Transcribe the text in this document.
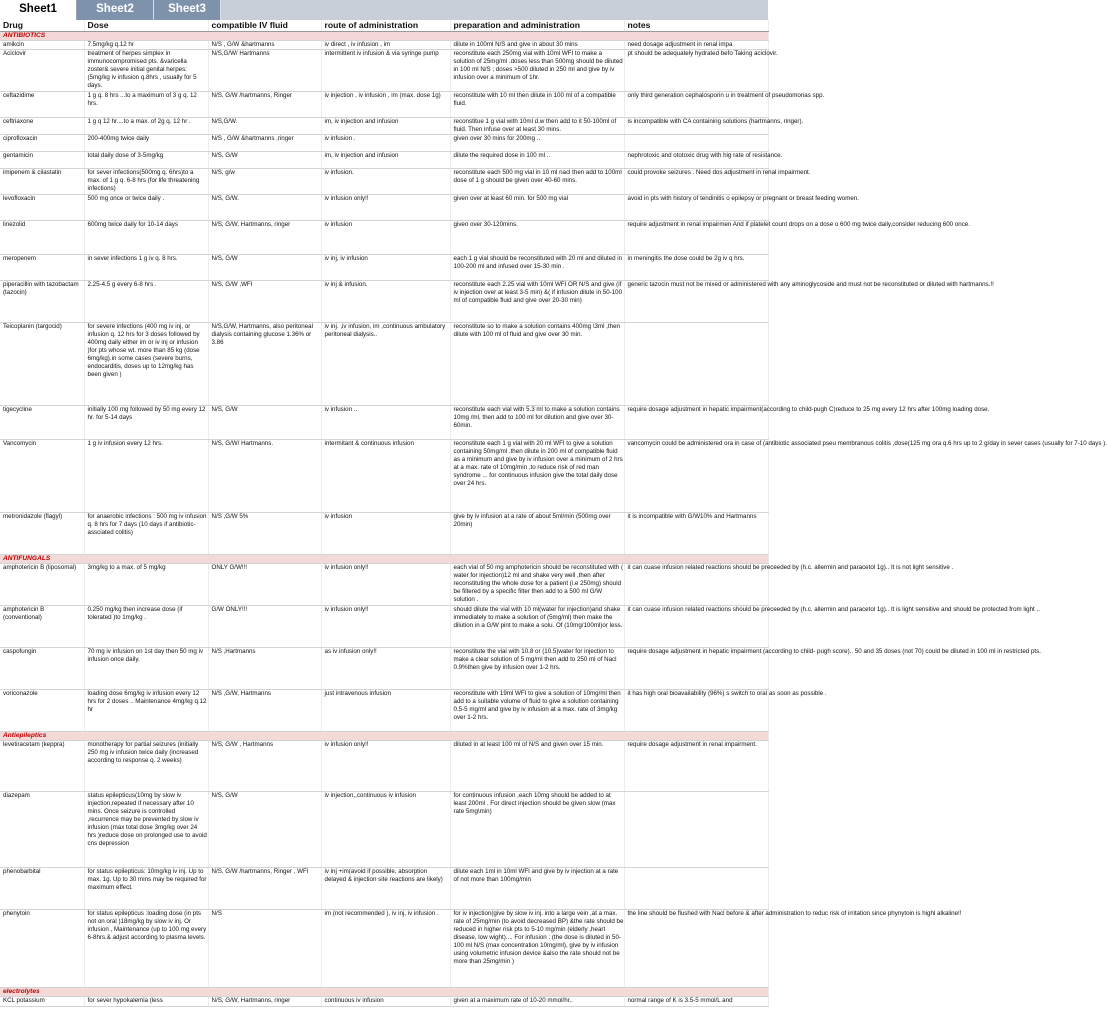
Sheet1	Sheet2	Sheet3
Drug	Dose	compatible IV fluid	route of administration	preparation and administration	notes
ANTIBIOTICS					
amikcin	7.5mg/kg q.12 hr	N/S , G/W &hartmanns	iv direct , iv infusion , im	dilute in 100ml N/S and give in about 30 mins	need dosage adjustment in renal impa
Aciclovir	treatment of herpes simplex in immunocompromised pts. &varicella zoster& severe initial genital herpes:(5mg/kg iv infusion q.8hrs , usually for 5 days.	N/S,G/W/ Hartmanns	intermittent iv infusion & via syringe pump	reconstitute each 250mg vial with 10ml WFI to make a solution of 25mg/ml .doses less than 500mg should be diluted in 100 ml N/S ; doses >500 diluted in 250 ml and give by iv infusion over a minimum of 1hr.	pt should be adequately hydrated befo Taking aciclovir.
ceftazidime	1 g q. 8 hrs ...to a maximum of 3 g q. 12 hrs.	N/S, G/W /hartmanns, Ringer	iv injection , iv infusion , im (max. dose 1g)	reconstitute with 10 ml then dilute in 100 ml of a compatible fluid.	only third generation cephalosporin u in treatment of pseudomonas spp.
ceftriaxone	1 g q 12 hr....to a max. of 2g q. 12 hr .	N/S,G/W.	im, iv injection and infusion	reconstitue 1 g vial with 10ml d.w then add to it 50-100ml of fluid. Then infuse over at least 30 mins.	is incompatible with CA containing solutions (hartmanns, ringer).
ciprofloxacin	200-400mg twice daily	N/S , G/W &hartmanns ,ringer	iv infusion .	given over 30 mins for 200mg ..	
gentamicin	total daily dose of 3-5mg/kg	N/S, G/W	im, iv injection and infusion	dilute the required dose in 100 ml ..	nephrotoxic and ototoxic drug with hig rate of resistance.
imipenem & cilastatin	for sever infections(500mg q. 6hrs)to a max. of 1 g q. 6-8 hrs (for life threatening infections)	N/S, g/w	iv infusion.	reconstitute each 500 mg vial in 10 ml nacl then add to 100ml dose of 1 g should be given over 40-60 mins.	could provoke seizures . Need dos adjustment in renal impairment.
levofloxacin	500 mg once or twice daily .	N/S, G/W.	iv infusion only!!	given over at least 60 min. for 500 mg vial	avoid in pts with history of tendinitis o epilepsy or pregnant or breast feeding women.
linezolid	600mg twice daily for 10-14 days	N/S, G/W, Hartmanns, ringer	iv infusion	given over 30-120mins.	require adjustment in renal impairmen And if platelet count drops on a dose o 600 mg twice daily,consider reducing 600 once.
meropenem	in sever infections 1 g iv q. 8 hrs.	N/S, G/W	iv inj, iv infusion	each 1 g vial should be reconstituted with 20 ml and diluted in 100-200 ml and infused over 15-30 min .	in meningitis the dose could be 2g iv q hrs.
piperacillin with tazobactam (tazocin)	2.25-4.5 g every 6-8 hrs .	N/S, G/W ,WFI	iv inj & infusion.	reconstitute each 2.25 vial with 10ml WFI OR N/S and give (if iv injection over at least 3-5 min) &( if infusion dilute in 50-100 ml of compatible fluid and give over 20-30 min)	generic tazocin must not be mixed or administered with any aminoglycoside and must not be reconstituted or diluted with hartmanns.!!
Teicoplanin (targocid)	for severe infections (400 mg iv inj, or infusion q. 12 hrs for 3 doses followed by 400mg daily either im or iv inj or infusion )for pts whose wt. more than 85 kg (dose 6mg/kg).in some cases (severe burns, endocarditis, doses up to 12mg/kg has been given )	N/S,G/W, Hartmanns, also peritoneal dialysis containing glucose 1.36% or 3.86	iv inj. ,iv infusion, im ,continuous ambulatory peritoneal dialysis..	reconstitute so to make a solution contains 400mg \3ml ,then dilute with 100 ml of fluid and give over 30 min.	
tigecycline	initially 100 mg followed by 50 mg every 12 hr. for 5-14 days	N/S, G/W	iv infusion ..	reconstitute each vial with 5.3 ml to make a solution contains 10mg /ml, then add to 100 ml for dilution and give over 30-60min.	require dosage adjustment in hepatic impairment(according to child-pugh C)reduce to 25 mg every 12 hrs after 100mg loading dose.
Vancomycin	1 g iv infusion every 12 hrs.	N/S, G/W/ Hartmanns.	intermitant & continuous infusion	reconstitute each 1 g vial with 20 ml WFI to give a solution containing 50mg/ml .then dilute in 200 ml of compatible fluid as a minimum and give by iv infusion over a minimum of 2 hrs at a max. rate of 10mg/min ,to reduce risk of red man syndrome ... for continuous infusion give the total daily dose over 24 hrs.	vancomycin could be administered ora in case of (antibiotic associated pseu membranous colitis ,dose(125 mg ora q.6 hrs up to 2 g/day in sever cases (usually for 7-10 days ).
metronidazole (flagyl)	for anaerobic infections : 500 mg iv infusion q. 8 hrs for 7 days (10 days if antibiotic-assciated colitis)	N/S ,G/W 5%	iv infusion	give by iv infusion at a rate of about 5ml/min (500mg over 20min)	it is incompatible with G/W10% and Hartmanns
ANTIFUNGALS					
amphotericin B (liposomal)	3mg/kg to a max. of 5 mg/kg	ONLY G/W!!!	iv infusion only!!	each vial of 50 mg amphotericin should be reconstituted with ( water for injection)12 ml and shake very well ,then after reconstituting the whole dose for a patient (i.e 250mg) should be filtered by a specific filter then add to a 500 ml G/W solution .	it can cuase infusion related reactions should be preceeded by (h.c. allermin and paracetol 1g).. It is not light sensitive .
amphotericin B (conventional)	0.250 mg/kg then increase dose (if tolerated )to 1mg/kg .	G/W ONLY!!!	iv infusion only!!	should dilute the vial with 10 ml(water for injection)and shake immediately to make a solution of (5mg/ml) then make the dilution in a G/W pint to make a solu. Of (10mg/100ml)or less.	it can cuase infusion related reactions should be preceeded by (h.c. allermin and paracetol 1g).. It is light sensitive and should be protected from light ..
caspofungin	70 mg iv infusion on 1st day then 50 mg iv infusion once daily.	N/S ,Hartmanns	as iv infusion only!!	reconstitute the vial with 10.8 or (10.5)water for injection to make a clear solution of 5 mg/ml then add to 250 ml of Nacl 0.9%then give by infusion over 1-2 hrs.	require dosage adjustment in hepatic impairment (according to child- pugh score).. 50 and 35 doses (not 70) could be diluted in 100 ml in restricted pts.
voriconazole	loading dose 6mg/kg iv infusion every 12 hrs for 2 doses .. Maintenance 4mg/kg q.12 hr	N/S ,G/W, Hartmanns	just intravenous infusion	reconstitute with 19ml WFI to give a solution of 10mg/ml then add to a suitable volume of fluid to give a solution containing 0.5-5 mg/ml and give by iv infusion at a max. rate of 3mg/kg over 1-2 hrs.	it has high oral bioavailability (96%) s switch to oral as soon as possible .
Antiepileptics					
levetiracetam (keppra)	monotherapy for partial seizures (initially 250 mg iv infusion twice daily (increased according to response q. 2 weeks)	N/S, G/W , Hartmanns	iv infusion only!!	diluted in at least 100 ml of N/S and given over 15 min.	require dosage adjustment in renal impairment.
diazepam	status epilepticus(10mg by slow iv injection,repeated if necessary after 10 mins. Once seizure is controlled ,recurrence may be prevented by slow iv infusion (max total dose 3mg/kg over 24 hrs )reduce dose on prolonged use to avoid cns depression	N/S, G/W	iv injection,,continuous iv infusion	for continuous infusion ,each 10mg should be added to at least 200ml . For direct injection should be given slow (max rate 5mg\min)	
phenobarbital	for status epilepticus: 10mg/kg iv inj. Up to max. 1g. Up to 30 mins may be required for maximum effect.	N/S, G/W /hartmanns, Ringer , WFI	iv inj +im(avoid if possible, absorption delayed & injection site reactions are likely)	dilute each 1ml in 10ml WFI and give by iv injection at a rate of not more than 100mg/min	
phenytoin	for status epilepticus :loading dose (in pts not on oral )18mg/kg by slow iv inj. Or infusion , Maintenance (up to 100 mg every 6-8hrs.& adjust according to plasma levels.	N/S	im (not recommended ), iv inj, iv infusion .	for iv injection(give by slow iv inj. into a large vein ,at a max. rate of 25mg/min (to avoid decreased BP) &the rate should be reduced in higher risk pts to 5-10 mg/min (elderly ,heart disease, low wight).... For infusion : (the dose is diluted in 50-100 ml N/S (max concentration 10mg/ml), give by iv infusion using volumetric infusion device &also the rate should not be more than 25mg/min )	the line should be flushed with Nacl before & after administration to reduc risk of irritation since phynytoin is highl alkaline!!
electrolytes					
KCL potassium	for sever hypokalemia (less	N/S, G/W, Hartmanns, ringer	continuous iv infusion	given at a maximum rate of 10-20 mmol/hr..	normal range of K is 3.5-5 mmol/L and
